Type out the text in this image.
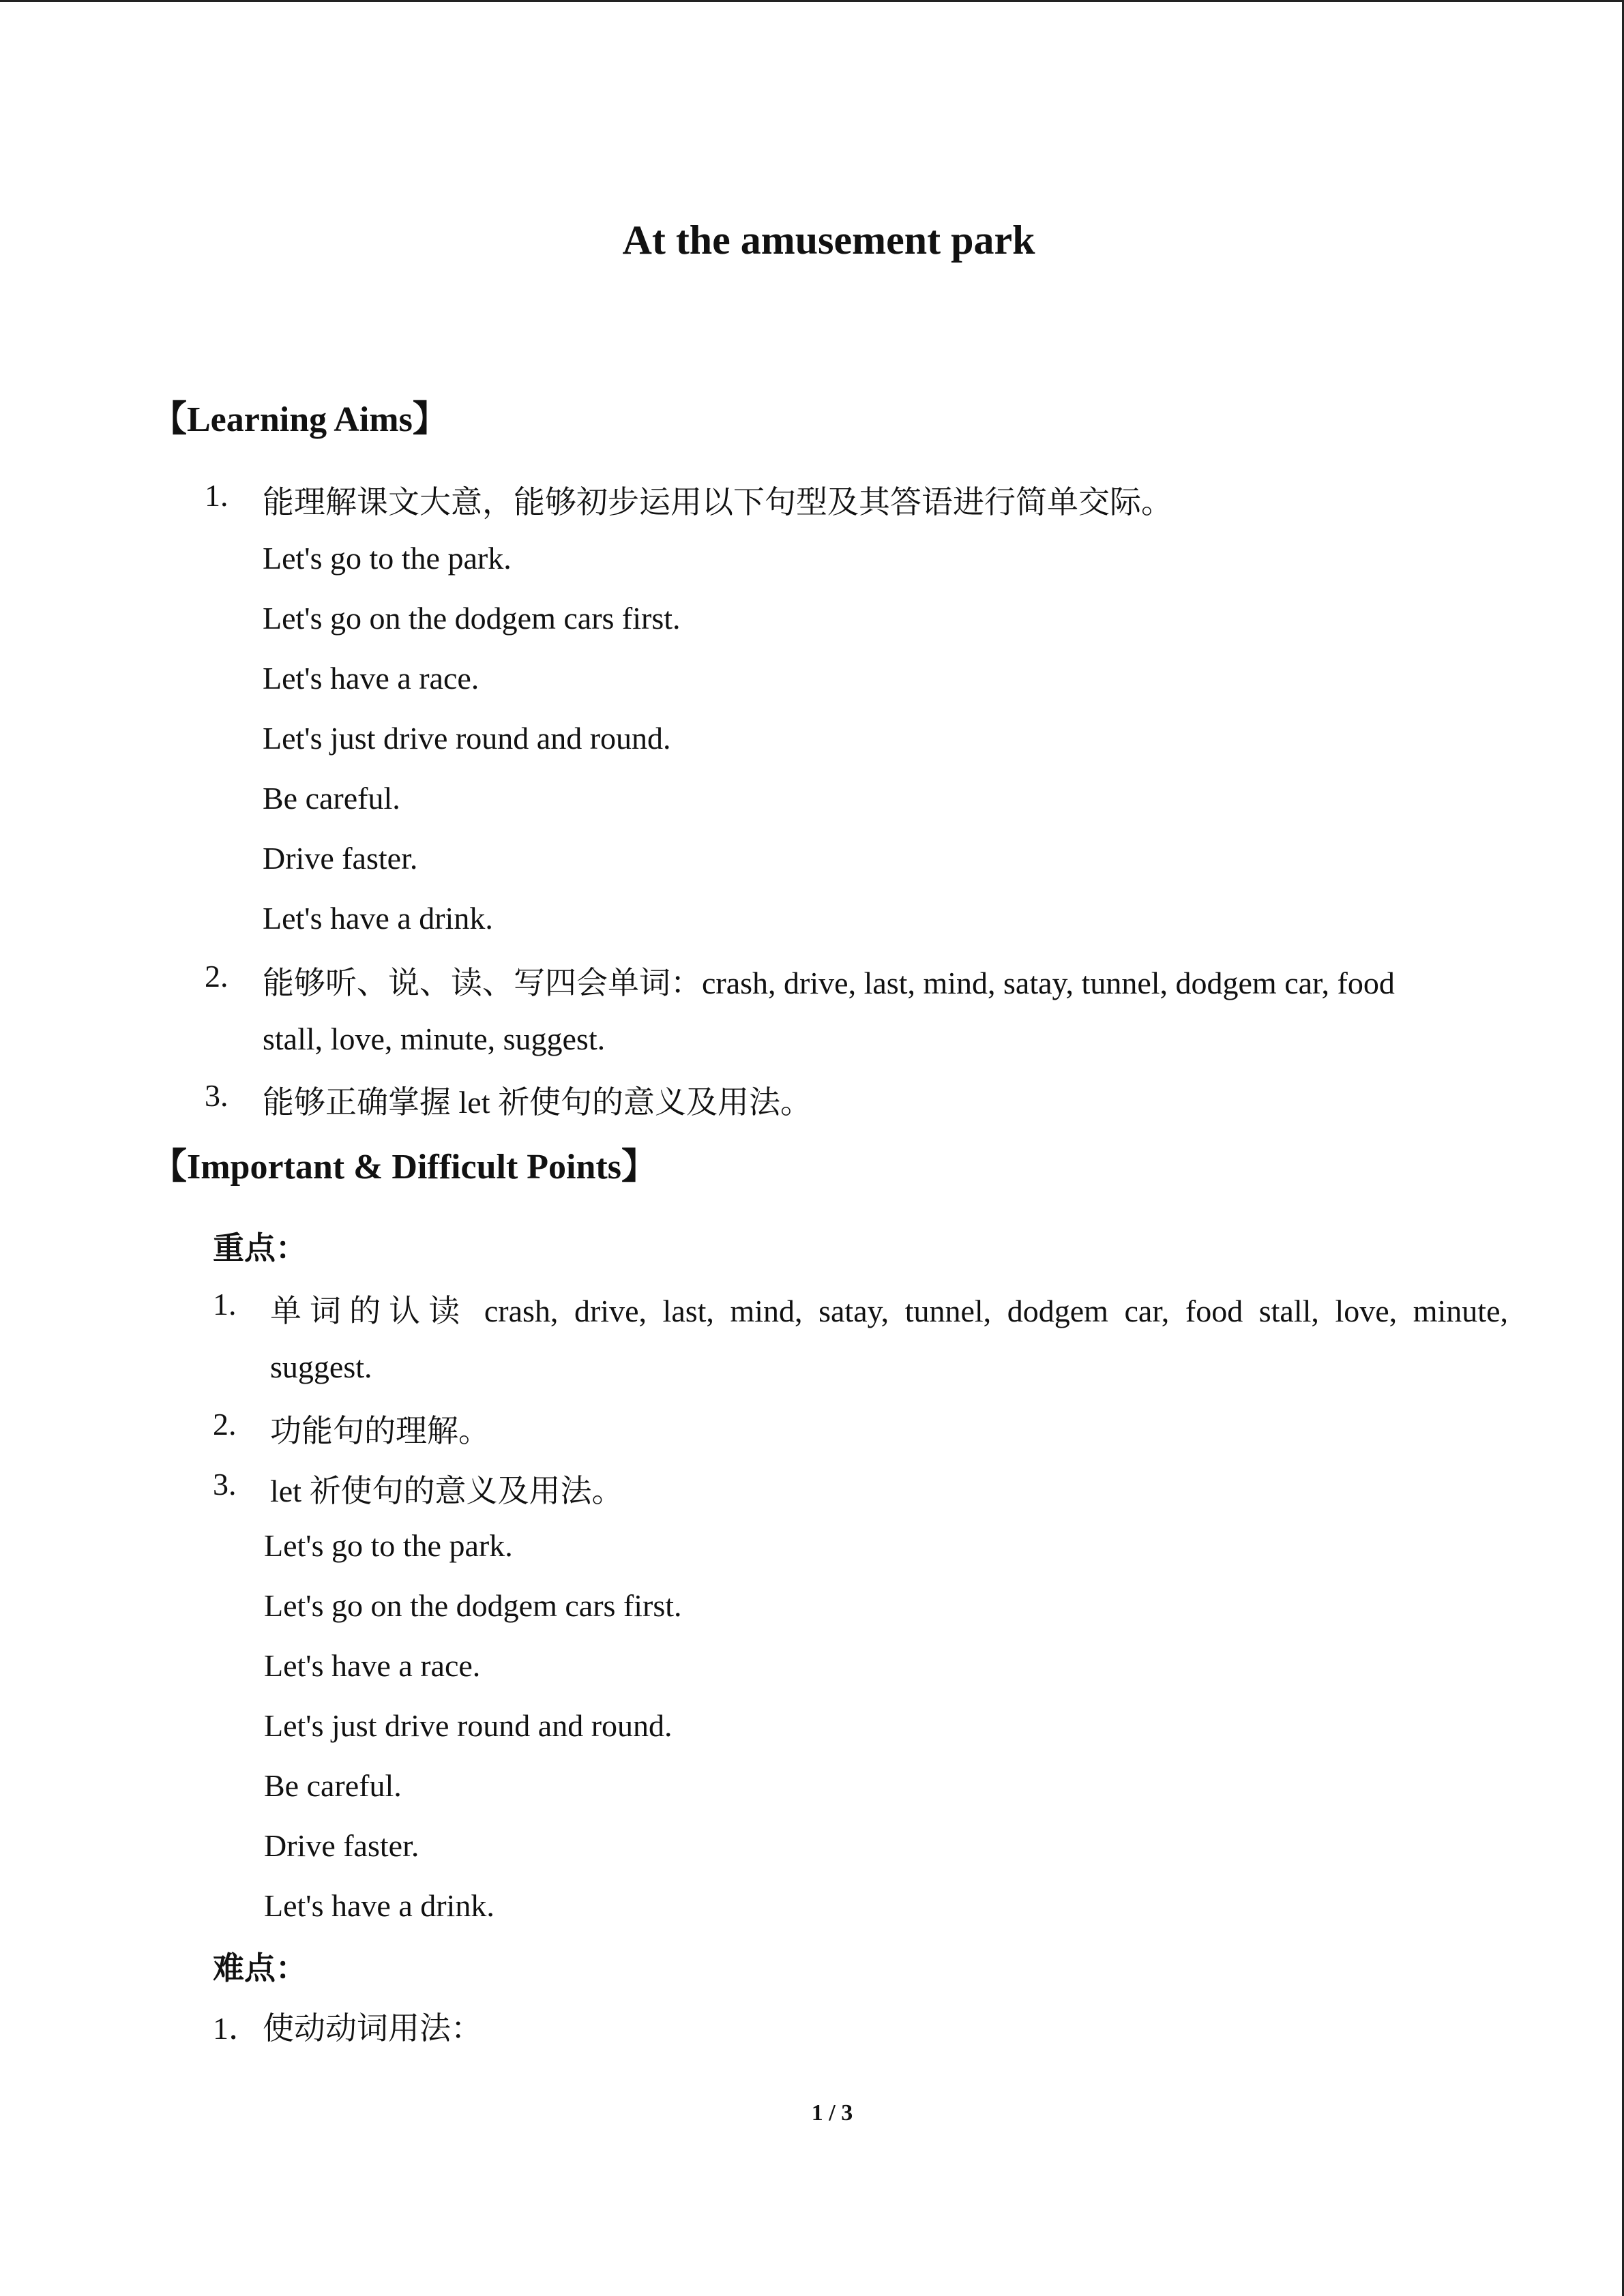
At the amusement park
【Learning Aims】
1. 能理解课文大意，能够初步运用以下句型及其答语进行简单交际。
Let's go to the park.
Let's go on the dodgem cars first.
Let's have a race.
Let's just drive round and round.
Be careful.
Drive faster.
Let's have a drink.
2. 能够听、说、读、写四会单词：crash, drive, last, mind, satay, tunnel, dodgem car, food
stall, love, minute, suggest.
3. 能够正确掌握 let 祈使句的意义及用法。
【Important & Difficult Points】
重点：
1. 单词的认读 crash, drive, last, mind, satay, tunnel, dodgem car, food stall, love, minute,
suggest.
2. 功能句的理解。
3. let 祈使句的意义及用法。
Let's go to the park.
Let's go on the dodgem cars first.
Let's have a race.
Let's just drive round and round.
Be careful.
Drive faster.
Let's have a drink.
难点：
1． 使动动词用法：
1 / 3
